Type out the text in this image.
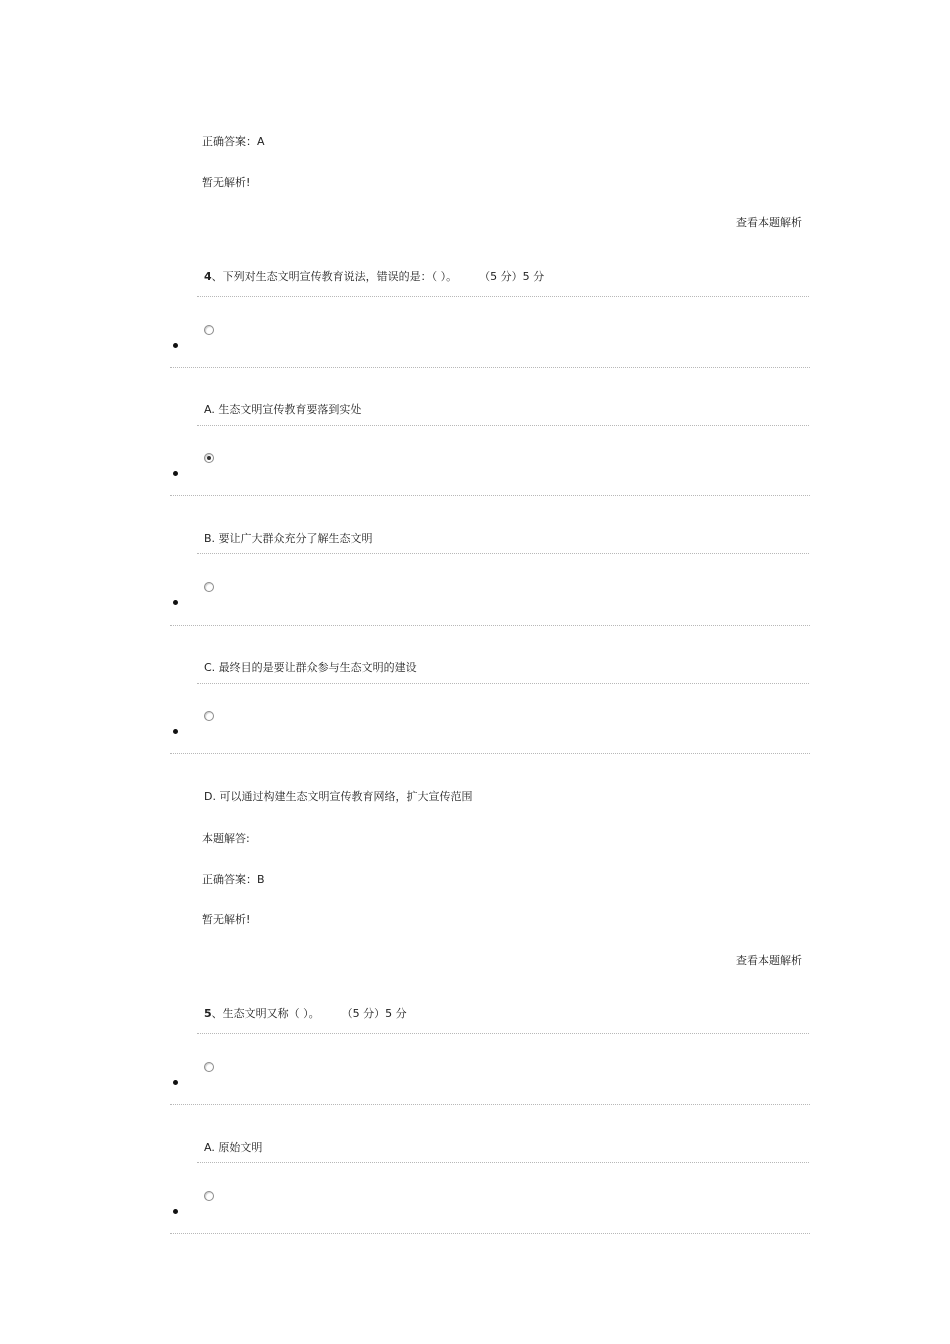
正确答案：A
暂无解析!
查看本题解析
4、下列对生态文明宣传教育说法，错误的是：（ ）。 （5 分）5 分
A. 生态文明宣传教育要落到实处
B. 要让广大群众充分了解生态文明
C. 最终目的是要让群众参与生态文明的建设
D. 可以通过构建生态文明宣传教育网络，扩大宣传范围
本题解答:
正确答案：B
暂无解析!
查看本题解析
5、生态文明又称（ ）。 （5 分）5 分
A. 原始文明
